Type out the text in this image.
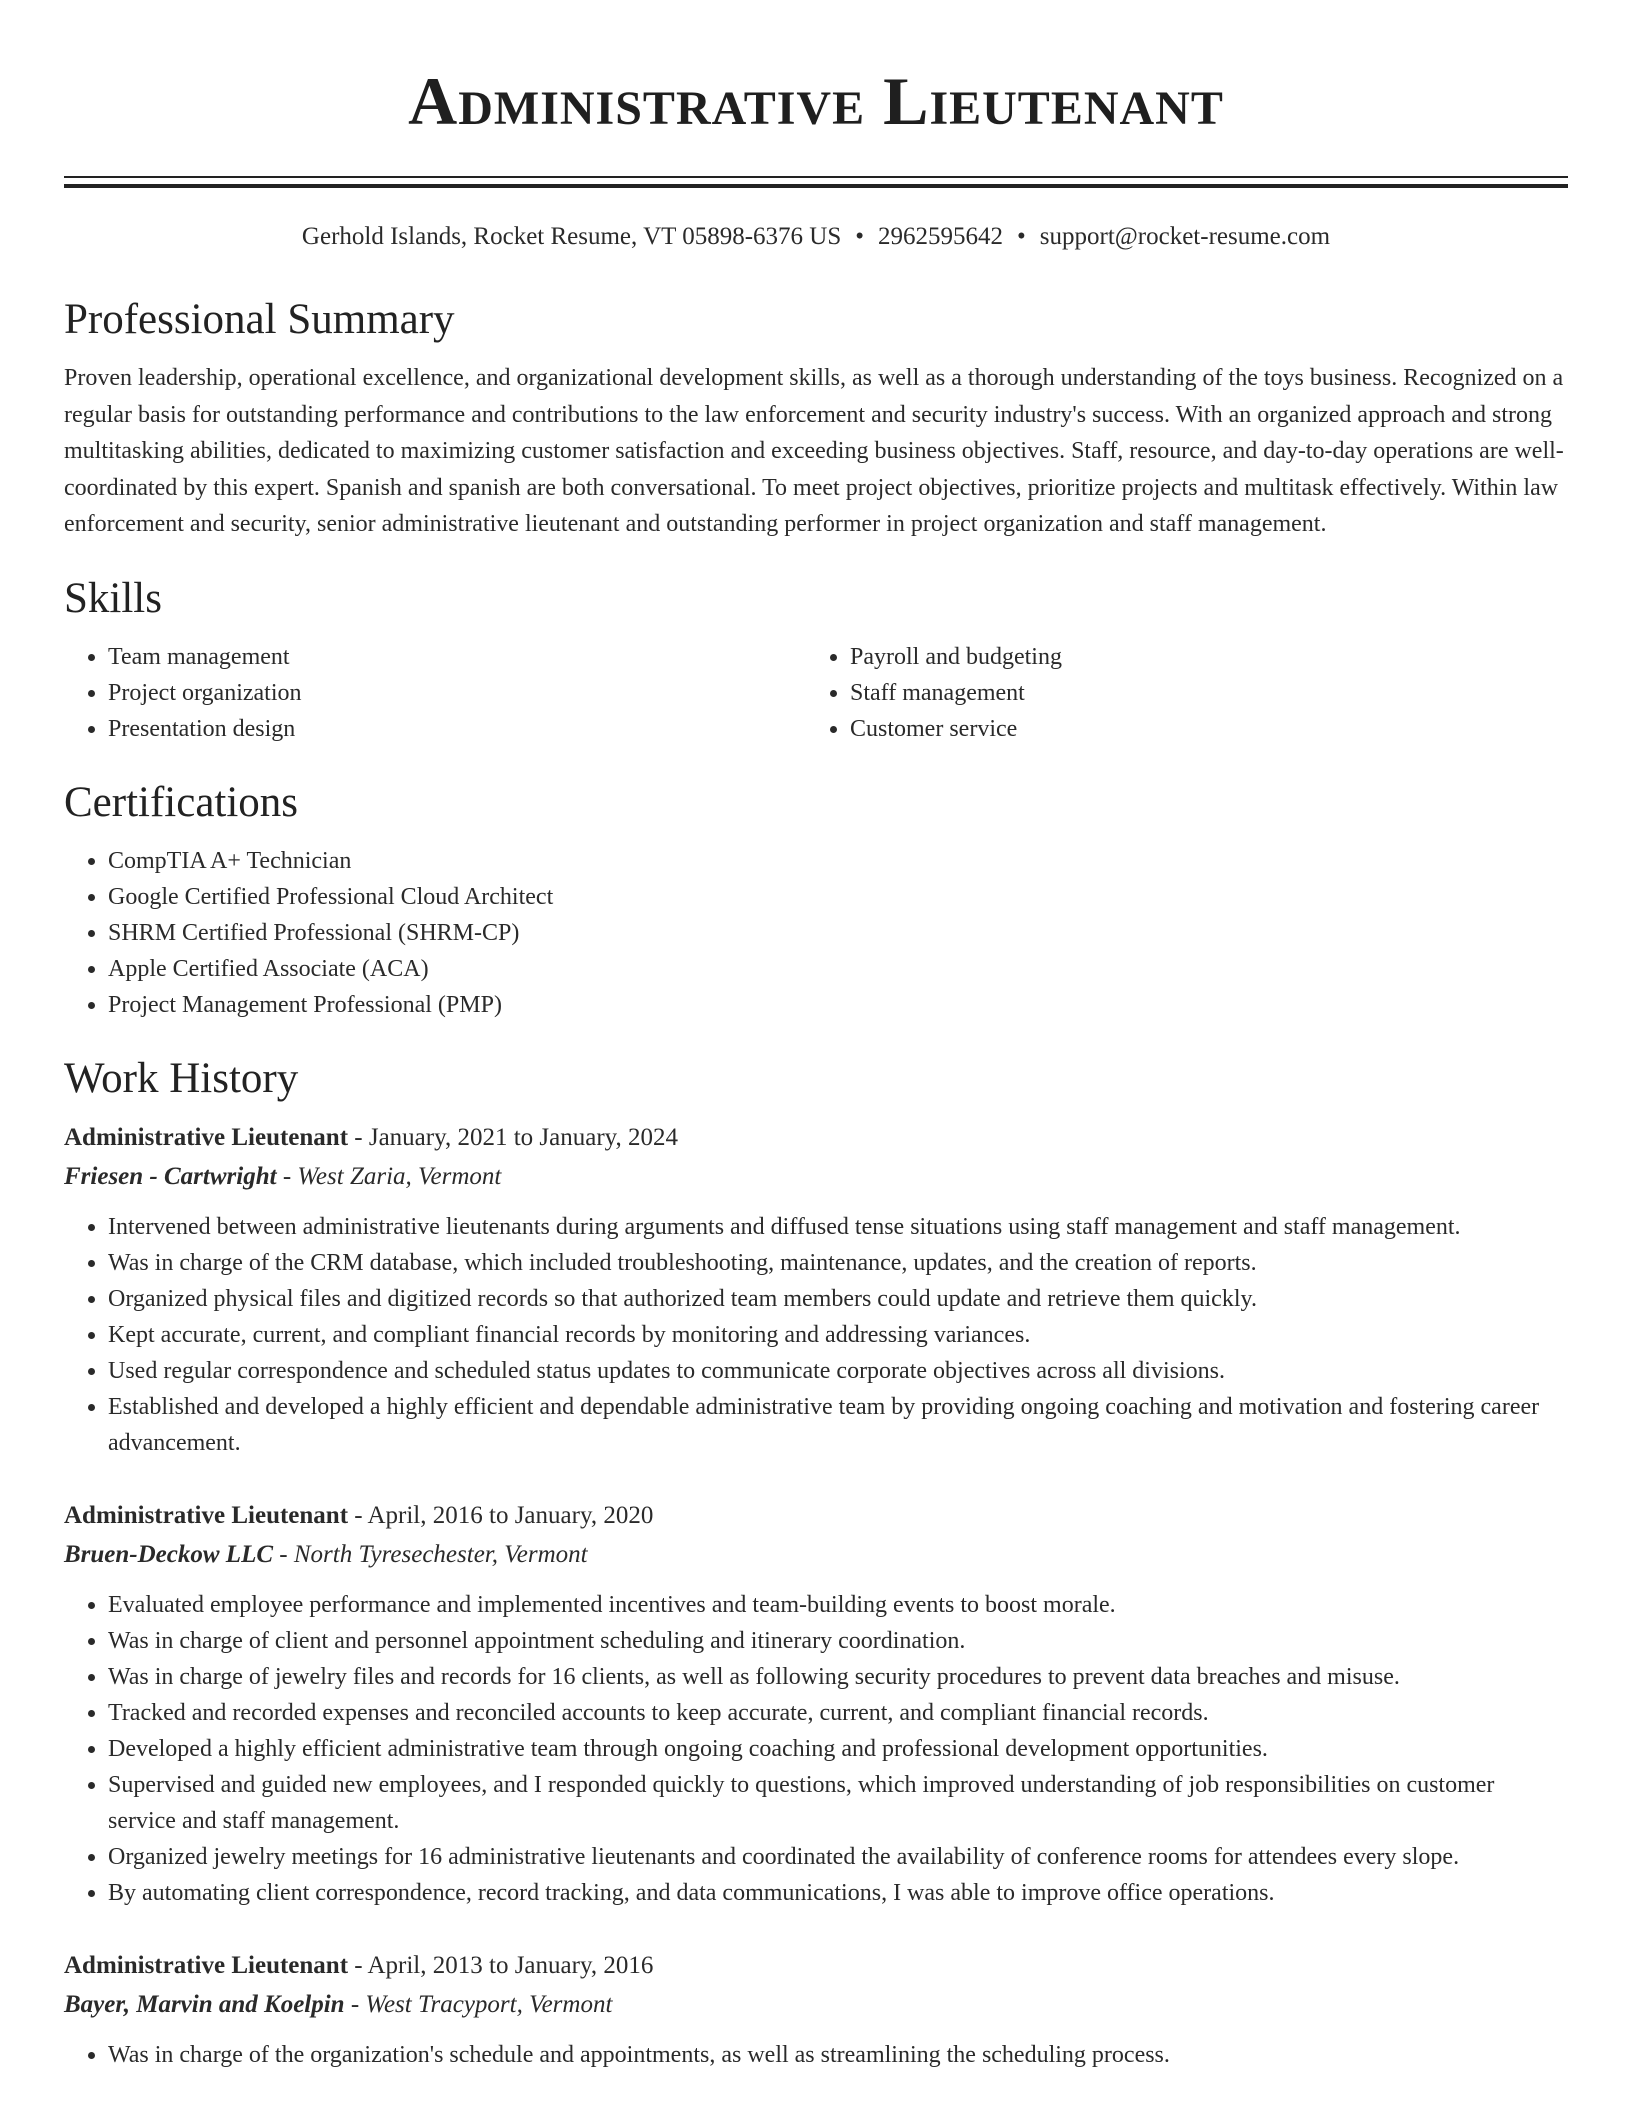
Administrative Lieutenant
Gerhold Islands, Rocket Resume, VT 05898-6376 US • 2962595642 • support@rocket-resume.com
Professional Summary

Proven leadership, operational excellence, and organizational development skills, as well as a thorough understanding of the toys business. Recognized on a regular basis for outstanding performance and contributions to the law enforcement and security industry's success. With an organized approach and strong multitasking abilities, dedicated to maximizing customer satisfaction and exceeding business objectives. Staff, resource, and day-to-day operations are well-coordinated by this expert. Spanish and spanish are both conversational. To meet project objectives, prioritize projects and multitask effectively. Within law enforcement and security, senior administrative lieutenant and outstanding performer in project organization and staff management.

Skills
• Team management
• Project organization
• Presentation design
• Payroll and budgeting
• Staff management
• Customer service
Certifications
• CompTIA A+ Technician
• Google Certified Professional Cloud Architect
• SHRM Certified Professional (SHRM-CP)
• Apple Certified Associate (ACA)
• Project Management Professional (PMP)
Work History
Administrative Lieutenant - January, 2021 to January, 2024
Friesen - Cartwright - West Zaria, Vermont
• Intervened between administrative lieutenants during arguments and diffused tense situations using staff management and staff management.
• Was in charge of the CRM database, which included troubleshooting, maintenance, updates, and the creation of reports.
• Organized physical files and digitized records so that authorized team members could update and retrieve them quickly.
• Kept accurate, current, and compliant financial records by monitoring and addressing variances.
• Used regular correspondence and scheduled status updates to communicate corporate objectives across all divisions.
• Established and developed a highly efficient and dependable administrative team by providing ongoing coaching and motivation and fostering career advancement.
Administrative Lieutenant - April, 2016 to January, 2020
Bruen-Deckow LLC - North Tyresechester, Vermont
• Evaluated employee performance and implemented incentives and team-building events to boost morale.
• Was in charge of client and personnel appointment scheduling and itinerary coordination.
• Was in charge of jewelry files and records for 16 clients, as well as following security procedures to prevent data breaches and misuse.
• Tracked and recorded expenses and reconciled accounts to keep accurate, current, and compliant financial records.
• Developed a highly efficient administrative team through ongoing coaching and professional development opportunities.
• Supervised and guided new employees, and I responded quickly to questions, which improved understanding of job responsibilities on customer service and staff management.
• Organized jewelry meetings for 16 administrative lieutenants and coordinated the availability of conference rooms for attendees every slope.
• By automating client correspondence, record tracking, and data communications, I was able to improve office operations.
Administrative Lieutenant - April, 2013 to January, 2016
Bayer, Marvin and Koelpin - West Tracyport, Vermont
• Was in charge of the organization's schedule and appointments, as well as streamlining the scheduling process.
